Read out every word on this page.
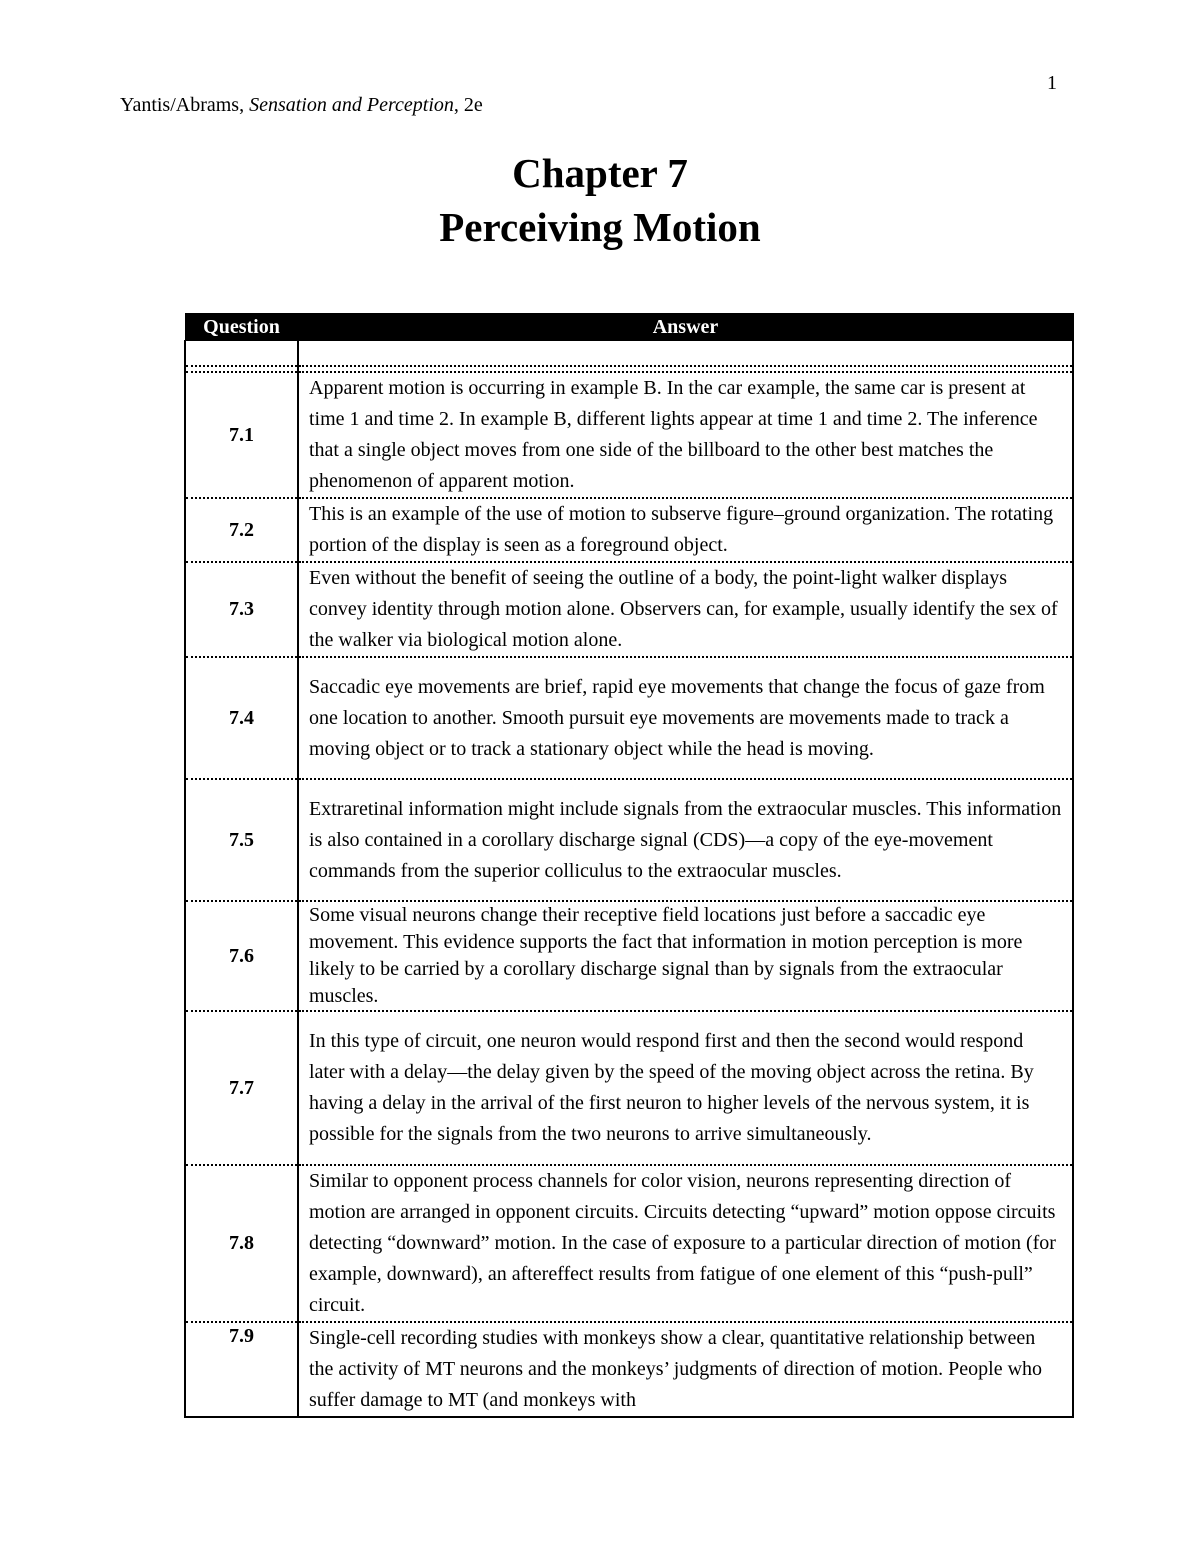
1
Yantis/Abrams, Sensation and Perception, 2e
Chapter 7
Perceiving Motion
Question	Answer

7.1	Apparent motion is occurring in example B. In the car example, the same car is present at time 1 and time 2. In example B, different lights appear at time 1 and time 2. The inference that a single object moves from one side of the billboard to the other best matches the phenomenon of apparent motion.
7.2	This is an example of the use of motion to subserve figure–ground organization. The rotating portion of the display is seen as a foreground object.
7.3	Even without the benefit of seeing the outline of a body, the point-light walker displays convey identity through motion alone. Observers can, for example, usually identify the sex of the walker via biological motion alone.
7.4	Saccadic eye movements are brief, rapid eye movements that change the focus of gaze from one location to another. Smooth pursuit eye movements are movements made to track a moving object or to track a stationary object while the head is moving.
7.5	Extraretinal information might include signals from the extraocular muscles. This information is also contained in a corollary discharge signal (CDS)—a copy of the eye-movement commands from the superior colliculus to the extraocular muscles.
7.6	Some visual neurons change their receptive field locations just before a saccadic eye movement. This evidence supports the fact that information in motion perception is more likely to be carried by a corollary discharge signal than by signals from the extraocular muscles.
7.7	In this type of circuit, one neuron would respond first and then the second would respond later with a delay—the delay given by the speed of the moving object across the retina. By having a delay in the arrival of the first neuron to higher levels of the nervous system, it is possible for the signals from the two neurons to arrive simultaneously.
7.8	Similar to opponent process channels for color vision, neurons representing direction of motion are arranged in opponent circuits. Circuits detecting “upward” motion oppose circuits detecting “downward” motion. In the case of exposure to a particular direction of motion (for example, downward), an aftereffect results from fatigue of one element of this “push-pull” circuit.
7.9	Single-cell recording studies with monkeys show a clear, quantitative relationship between the activity of MT neurons and the monkeys’ judgments of direction of motion. People who suffer damage to MT (and monkeys with
